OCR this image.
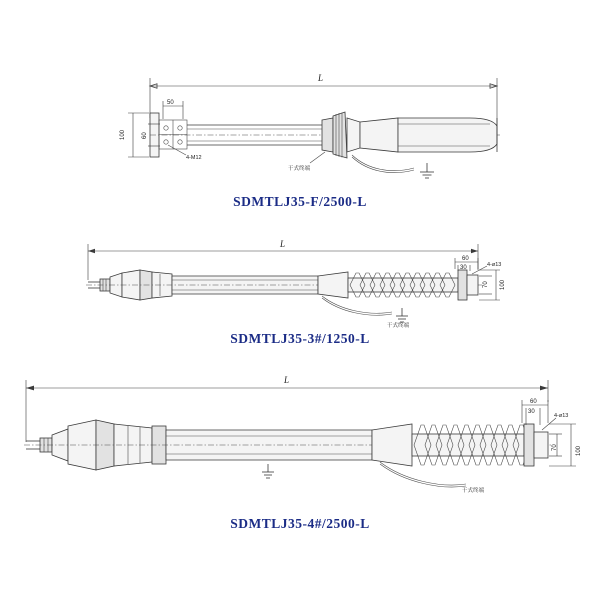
L
50
100	60
4-M12
干式终端
SDMTLJ35-F/2500-L
L
60
30	4-ø13
70 100
干式终端
SDMTLJ35-3#/1250-L
L
60
30
4-ø13
70	100
干式终端
SDMTLJ35-4#/2500-L
